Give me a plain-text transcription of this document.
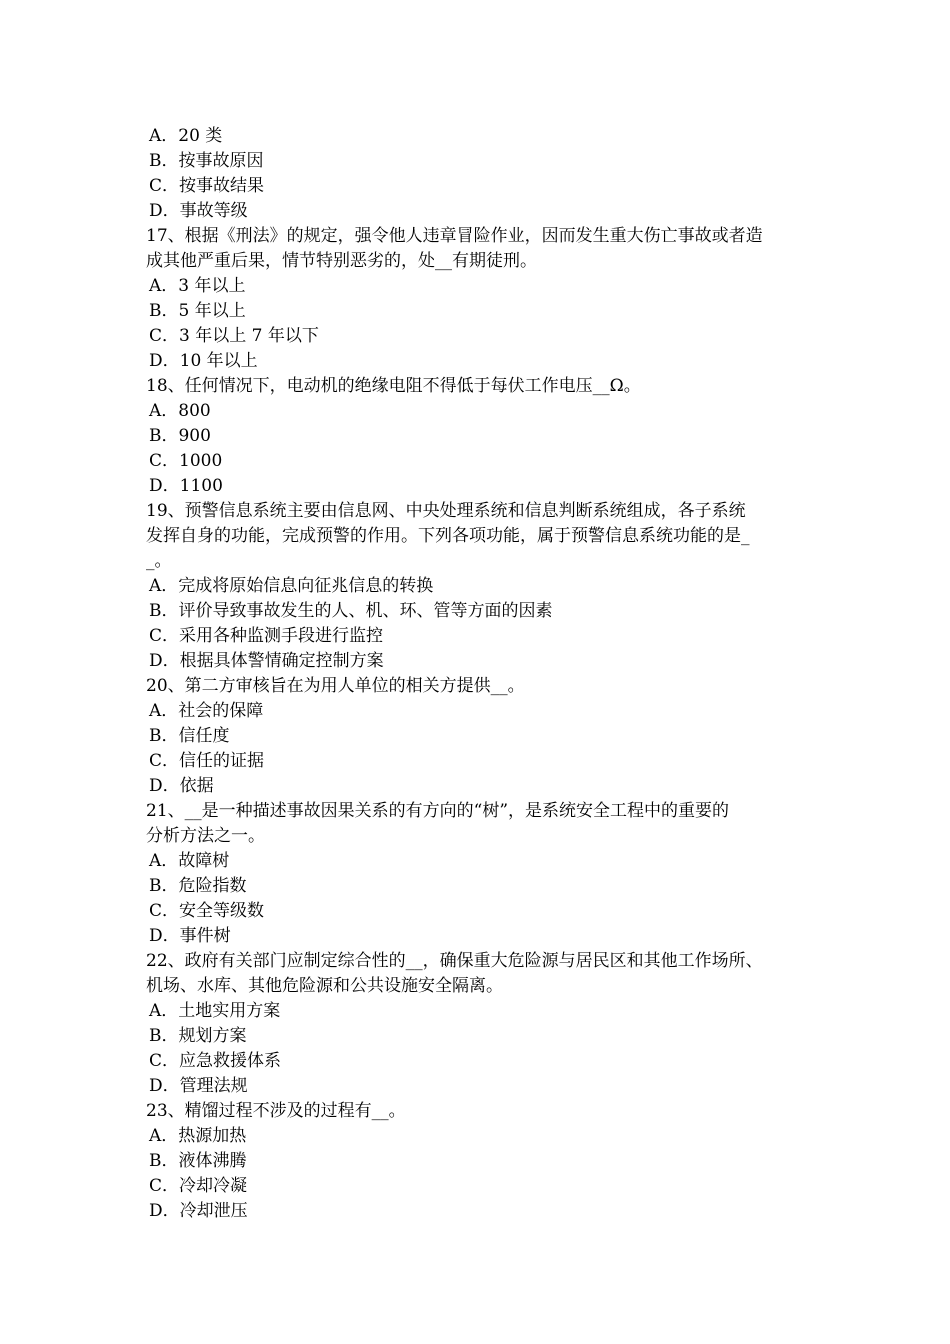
A．20 类
B．按事故原因
C．按事故结果
D．事故等级
17、根据《刑法》的规定，强令他人违章冒险作业，因而发生重大伤亡事故或者造
成其他严重后果，情节特别恶劣的，处__有期徒刑。
A．3 年以上
B．5 年以上
C．3 年以上 7 年以下
D．10 年以上
18、任何情况下，电动机的绝缘电阻不得低于每伏工作电压__Ω。
A．800
B．900
C．1000
D．1100
19、预警信息系统主要由信息网、中央处理系统和信息判断系统组成，各子系统
发挥自身的功能，完成预警的作用。下列各项功能，属于预警信息系统功能的是_
_。
A．完成将原始信息向征兆信息的转换
B．评价导致事故发生的人、机、环、管等方面的因素
C．采用各种监测手段进行监控
D．根据具体警情确定控制方案
20、第二方审核旨在为用人单位的相关方提供__。
A．社会的保障
B．信任度
C．信任的证据
D．依据
21、__是一种描述事故因果关系的有方向的“树”，是系统安全工程中的重要的
分析方法之一。
A．故障树
B．危险指数
C．安全等级数
D．事件树
22、政府有关部门应制定综合性的__，确保重大危险源与居民区和其他工作场所、
机场、水库、其他危险源和公共设施安全隔离。
A．土地实用方案
B．规划方案
C．应急救援体系
D．管理法规
23、精馏过程不涉及的过程有__。
A．热源加热
B．液体沸腾
C．冷却冷凝
D．冷却泄压
